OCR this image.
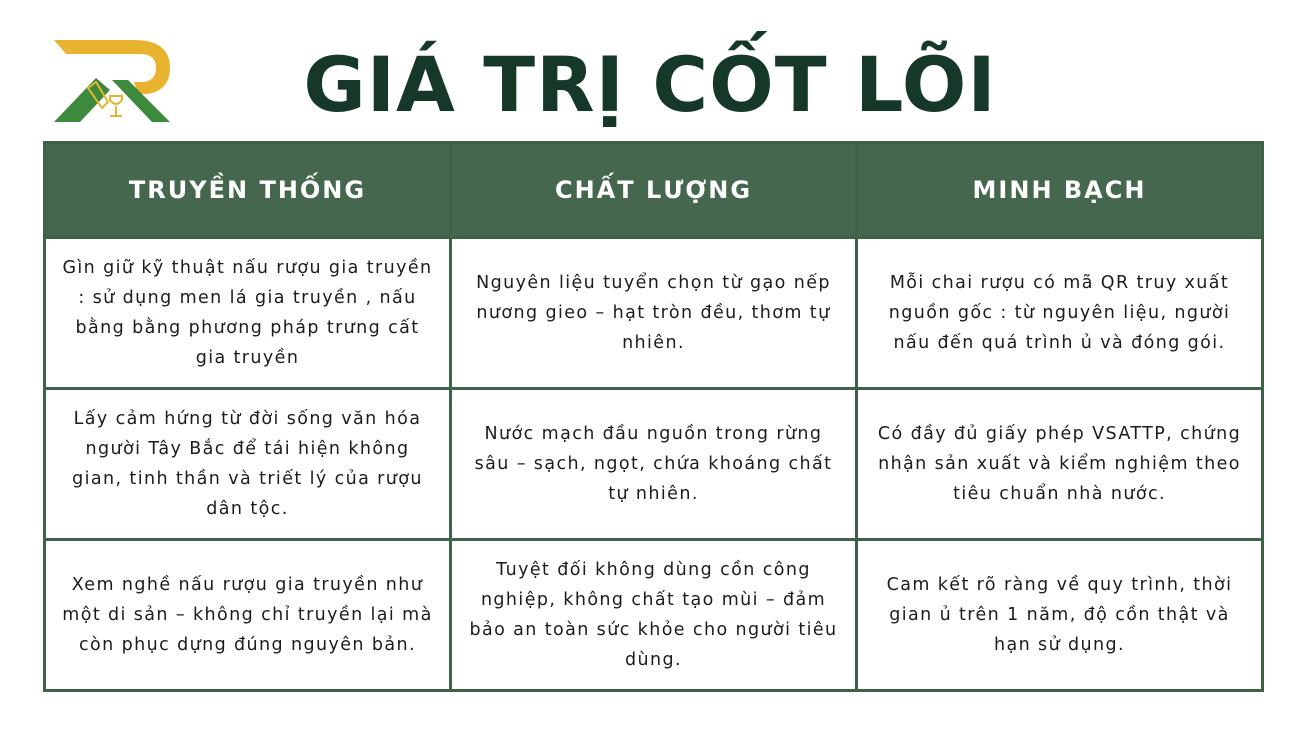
GIÁ TRỊ CỐT LÕI
TRUYỀN THỐNG	CHẤT LƯỢNG	MINH BẠCH
Gìn giữ kỹ thuật nấu rượu gia truyền : sử dụng men lá gia truyền , nấu bằng bằng phương pháp trưng cất gia truyền	Nguyên liệu tuyển chọn từ gạo nếp nương gieo – hạt tròn đều, thơm tự nhiên.	Mỗi chai rượu có mã QR truy xuất nguồn gốc : từ nguyên liệu, người nấu đến quá trình ủ và đóng gói.
Lấy cảm hứng từ đời sống văn hóa người Tây Bắc để tái hiện không gian, tinh thần và triết lý của rượu dân tộc.	Nước mạch đầu nguồn trong rừng sâu – sạch, ngọt, chứa khoáng chất tự nhiên.	Có đầy đủ giấy phép VSATTP, chứng nhận sản xuất và kiểm nghiệm theo tiêu chuẩn nhà nước.
Xem nghề nấu rượu gia truyền như một di sản – không chỉ truyền lại mà còn phục dựng đúng nguyên bản.	Tuyệt đối không dùng cồn công nghiệp, không chất tạo mùi – đảm bảo an toàn sức khỏe cho người tiêu dùng.	Cam kết rõ ràng về quy trình, thời gian ủ trên 1 năm, độ cồn thật và hạn sử dụng.
